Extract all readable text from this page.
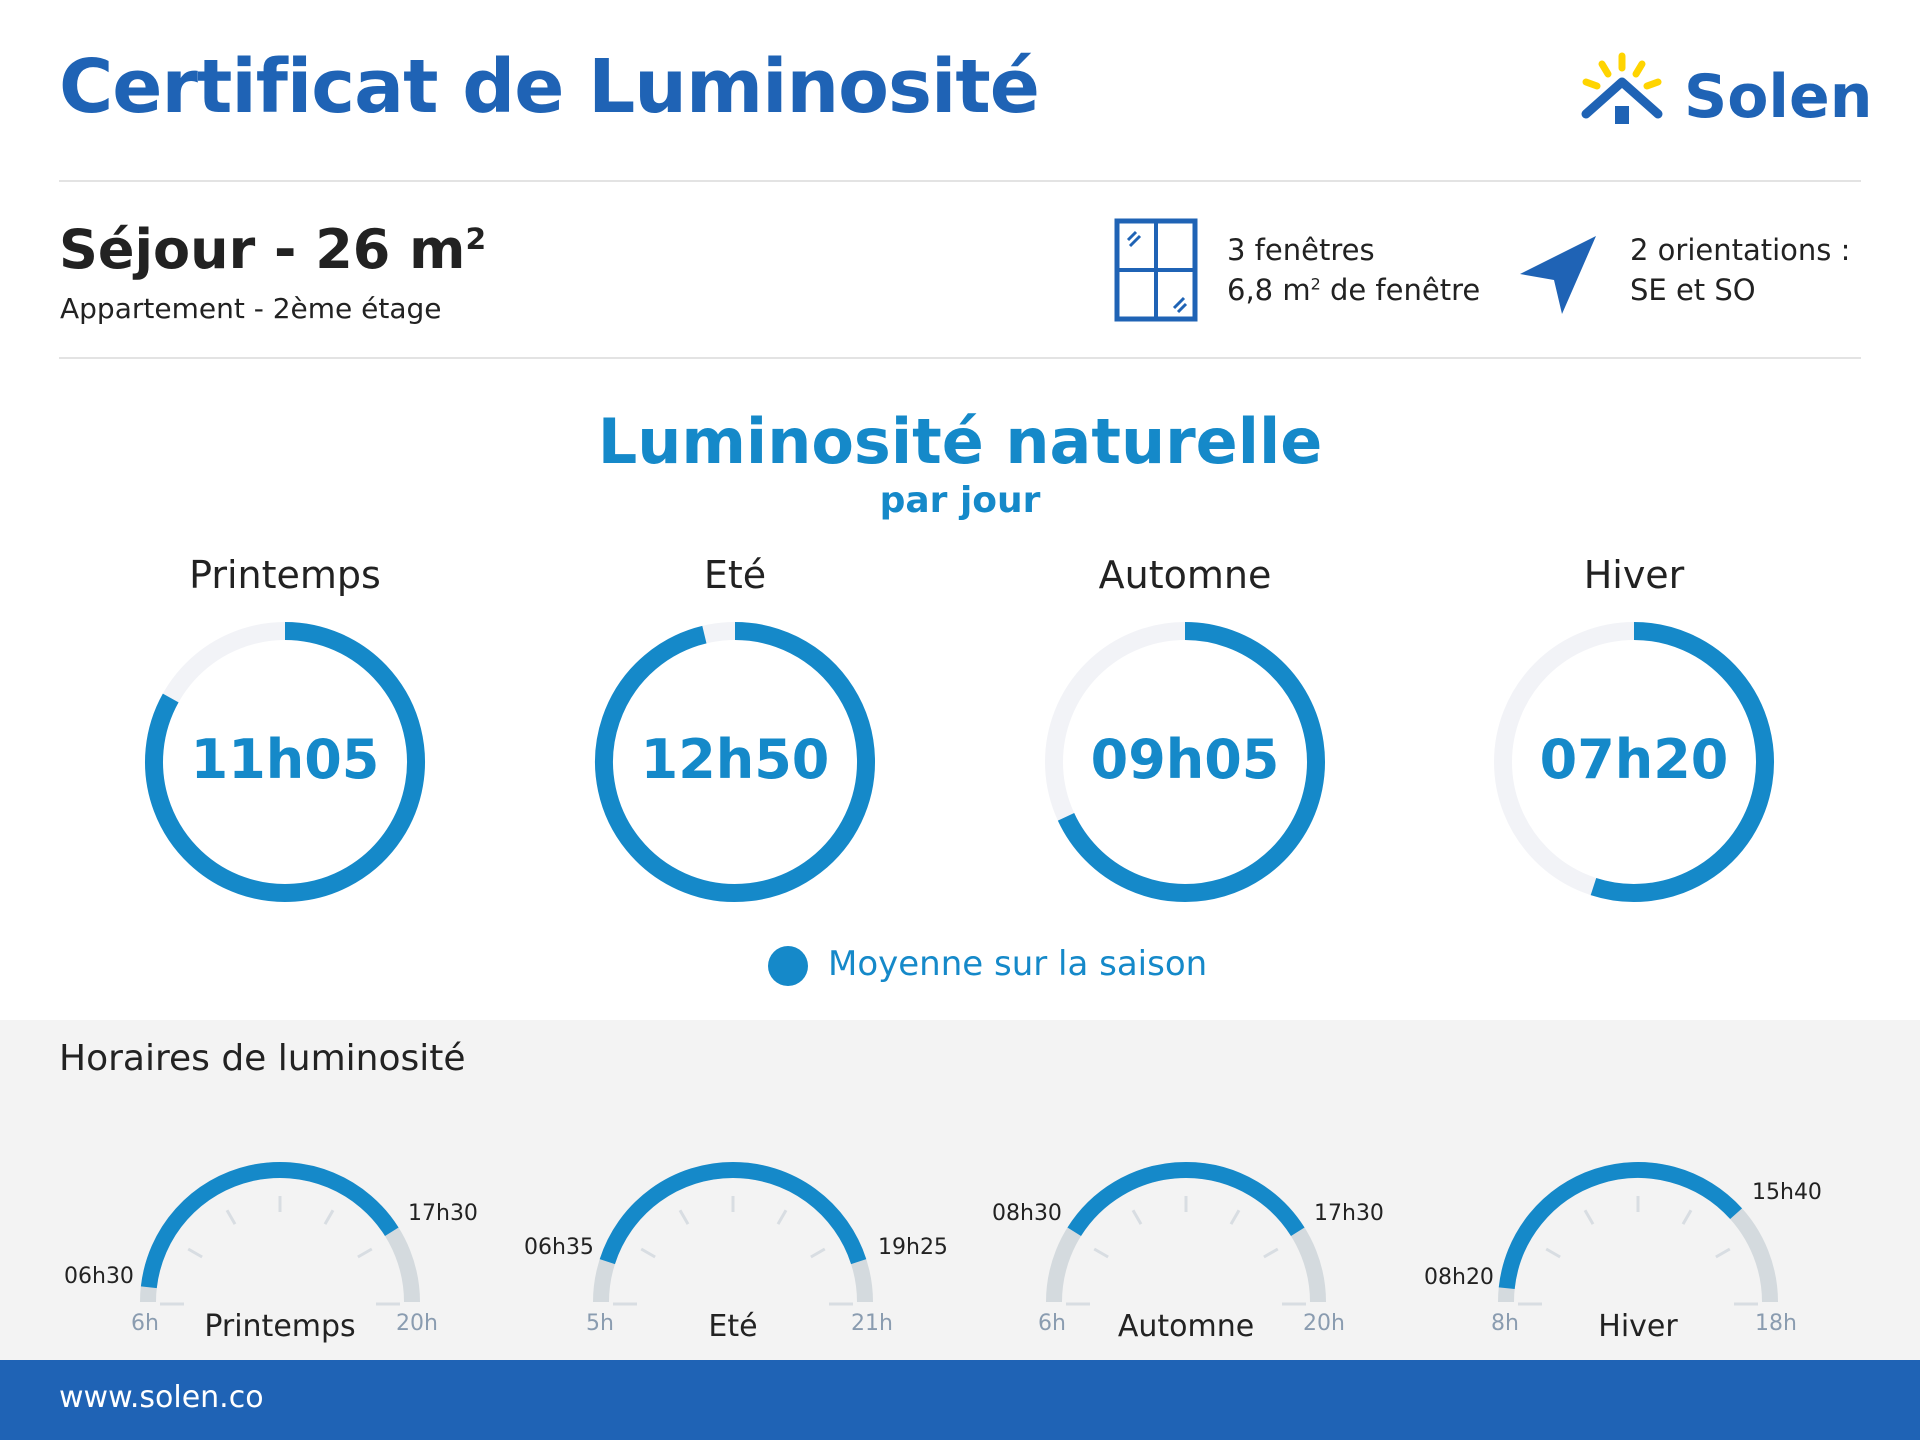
Certificat de Luminosité	Solen
Séjour - 26 $m^2$
Appartement - 2ème étage
3 fenêtres
6,8 $m^2$ de fenêtre
2 orientations :
SE et SO
Luminosité naturelle
par jour
Printemps	Eté	Automne	Hiver
11h05	12h50	09h05	07h20
Moyenne sur la saison
Horaires de luminosité
06h30
17h30
6h	20h
Printemps
06h35	19h25
5h	21h
Eté
08h30	17h30
6h	20h
Automne
08h20
15h40
8h	18h
Hiver
www.solen.co
